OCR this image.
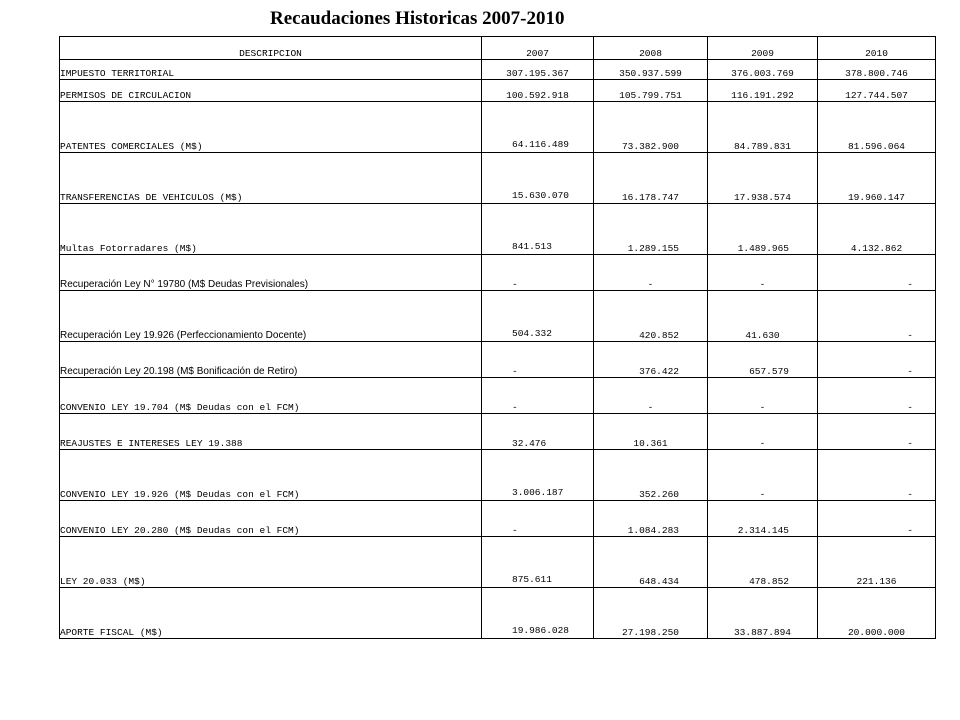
Recaudaciones Historicas 2007-2010
DESCRIPCION	2007	2008	2009	2010
IMPUESTO TERRITORIAL	307.195.367	350.937.599	376.003.769	378.800.746
PERMISOS DE CIRCULACION	100.592.918	105.799.751	116.191.292	127.744.507
PATENTES COMERCIALES (M$)	64.116.489	73.382.900	84.789.831	81.596.064
TRANSFERENCIAS DE VEHICULOS (M$)	15.630.070	16.178.747	17.938.574	19.960.147
Multas Fotorradares (M$)	841.513	1.289.155	1.489.965	4.132.862
Recuperación Ley N° 19780 (M$ Deudas Previsionales)	-	-	-	-
Recuperación Ley 19.926 (Perfeccionamiento Docente)	504.332	420.852	41.630	-
Recuperación Ley 20.198 (M$ Bonificación de Retiro)	-	376.422	657.579	-
CONVENIO LEY 19.704 (M$ Deudas con el FCM)	-	-	-	-
REAJUSTES E INTERESES LEY 19.388	32.476	10.361	-	-
CONVENIO LEY 19.926 (M$ Deudas con el FCM)	3.006.187	352.260	-	-
CONVENIO LEY 20.280 (M$ Deudas con el FCM)	-	1.084.283	2.314.145	-
LEY 20.033 (M$)	875.611	648.434	478.852	221.136
APORTE FISCAL (M$)	19.986.028	27.198.250	33.887.894	20.000.000
